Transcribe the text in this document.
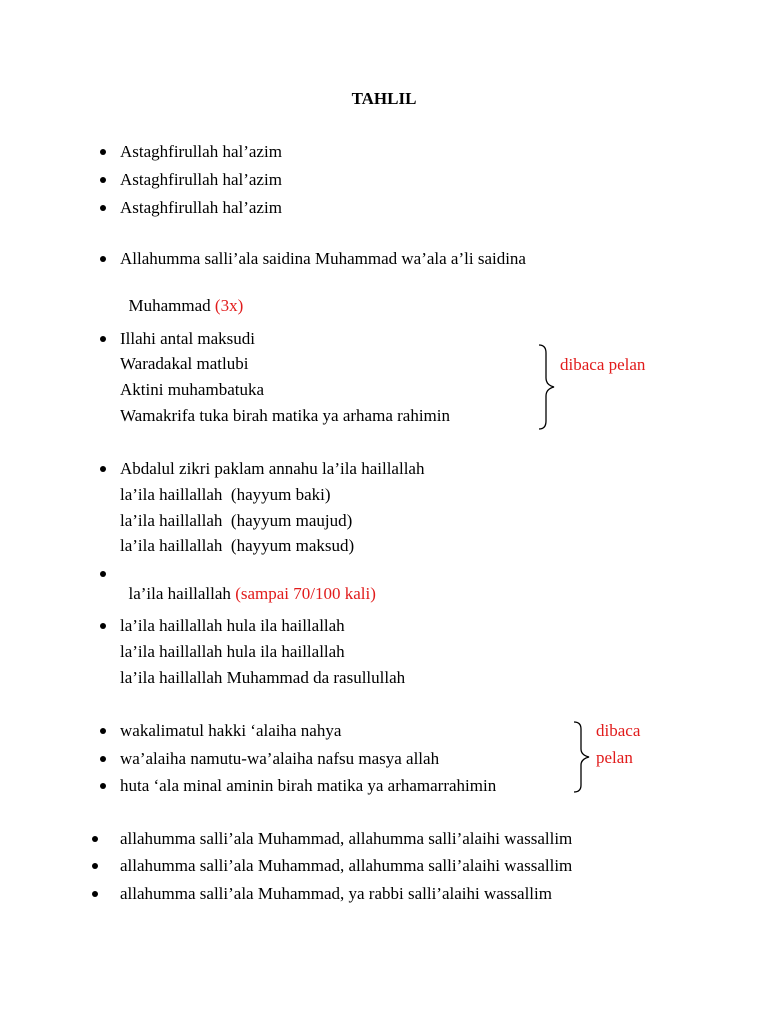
TAHLIL
Astaghfirullah hal’azim
Astaghfirullah hal’azim
Astaghfirullah hal’azim
Allahumma salli’ala saidina Muhammad wa’ala a’li saidina

Muhammad (3x)

Illahi antal maksudi
Waradakal matlubi
Aktini muhambatuka
Wamakrifa tuka birah matika ya arhama rahimin
dibaca pelan
Abdalul zikri paklam annahu la’ila haillallah
la’ila haillallah  (hayyum baki)
la’ila haillallah  (hayyum maujud)
la’ila haillallah  (hayyum maksud)

la’ila haillallah (sampai 70/100 kali)

la’ila haillallah hula ila haillallah
la’ila haillallah hula ila haillallah
la’ila haillallah Muhammad da rasullullah
wakalimatul hakki ‘alaiha nahya
wa’alaiha namutu-wa’alaiha nafsu masya allah
huta ‘ala minal aminin birah matika ya arhamarrahimin
dibaca
pelan
allahumma salli’ala Muhammad, allahumma salli’alaihi wassallim
allahumma salli’ala Muhammad, allahumma salli’alaihi wassallim
allahumma salli’ala Muhammad, ya rabbi salli’alaihi wassallim
